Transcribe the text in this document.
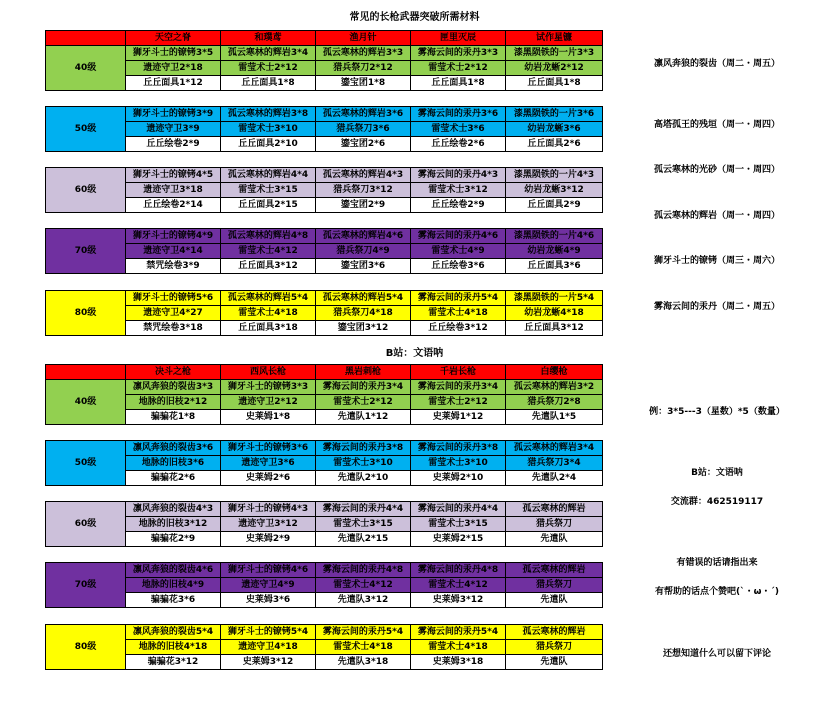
常见的长枪武器突破所需材料
	天空之脊	和璞鸢	渔月针	匣里灭辰	试作星镰
40级	狮牙斗士的镣铐3*5	孤云寒林的辉岩3*4	孤云寒林的辉岩3*3	雾海云间的汞丹3*3	漆黑陨铁的一片3*3
	遗迹守卫2*18	雷莹术士2*12	猎兵祭刀2*12	雷莹术士2*12	幼岩龙蜥2*12
	丘丘面具1*12	丘丘面具1*8	鎏宝团1*8	丘丘面具1*8	丘丘面具1*8

50级	狮牙斗士的镣铐3*9	孤云寒林的辉岩3*8	孤云寒林的辉岩3*6	雾海云间的汞丹3*6	漆黑陨铁的一片3*6
	遗迹守卫3*9	雷莹术士3*10	猎兵祭刀3*6	雷莹术士3*6	幼岩龙蜥3*6
	丘丘绘卷2*9	丘丘面具2*10	鎏宝团2*6	丘丘绘卷2*6	丘丘面具2*6

60级	狮牙斗士的镣铐4*5	孤云寒林的辉岩4*4	孤云寒林的辉岩4*3	雾海云间的汞丹4*3	漆黑陨铁的一片4*3
	遗迹守卫3*18	雷莹术士3*15	猎兵祭刀3*12	雷莹术士3*12	幼岩龙蜥3*12
	丘丘绘卷2*14	丘丘面具2*15	鎏宝团2*9	丘丘绘卷2*9	丘丘面具2*9

70级	狮牙斗士的镣铐4*9	孤云寒林的辉岩4*8	孤云寒林的辉岩4*6	雾海云间的汞丹4*6	漆黑陨铁的一片4*6
	遗迹守卫4*14	雷莹术士4*12	猎兵祭刀4*9	雷莹术士4*9	幼岩龙蜥4*9
	禁咒绘卷3*9	丘丘面具3*12	鎏宝团3*6	丘丘绘卷3*6	丘丘面具3*6

80级	狮牙斗士的镣铐5*6	孤云寒林的辉岩5*4	孤云寒林的辉岩5*4	雾海云间的汞丹5*4	漆黑陨铁的一片5*4
	遗迹守卫4*27	雷莹术士4*18	猎兵祭刀4*18	雷莹术士4*18	幼岩龙蜥4*18
	禁咒绘卷3*18	丘丘面具3*18	鎏宝团3*12	丘丘绘卷3*12	丘丘面具3*12
B站：文语呐
	决斗之枪	西风长枪	黑岩刺枪	千岩长枪	白缨枪
40级	凛风奔狼的裂齿3*3	狮牙斗士的镣铐3*3	雾海云间的汞丹3*4	雾海云间的汞丹3*4	孤云寒林的辉岩3*2
	地脉的旧枝2*12	遗迹守卫2*12	雷莹术士2*12	雷莹术士2*12	猎兵祭刀2*8
	骗骗花1*8	史莱姆1*8	先遣队1*12	史莱姆1*12	先遣队1*5

50级	凛风奔狼的裂齿3*6	狮牙斗士的镣铐3*6	雾海云间的汞丹3*8	雾海云间的汞丹3*8	孤云寒林的辉岩3*4
	地脉的旧枝3*6	遗迹守卫3*6	雷莹术士3*10	雷莹术士3*10	猎兵祭刀3*4
	骗骗花2*6	史莱姆2*6	先遣队2*10	史莱姆2*10	先遣队2*4

60级	凛风奔狼的裂齿4*3	狮牙斗士的镣铐4*3	雾海云间的汞丹4*4	雾海云间的汞丹4*4	孤云寒林的辉岩
	地脉的旧枝3*12	遗迹守卫3*12	雷莹术士3*15	雷莹术士3*15	猎兵祭刀
	骗骗花2*9	史莱姆2*9	先遣队2*15	史莱姆2*15	先遣队

70级	凛风奔狼的裂齿4*6	狮牙斗士的镣铐4*6	雾海云间的汞丹4*8	雾海云间的汞丹4*8	孤云寒林的辉岩
	地脉的旧枝4*9	遗迹守卫4*9	雷莹术士4*12	雷莹术士4*12	猎兵祭刀
	骗骗花3*6	史莱姆3*6	先遣队3*12	史莱姆3*12	先遣队

80级	凛风奔狼的裂齿5*4	狮牙斗士的镣铐5*4	雾海云间的汞丹5*4	雾海云间的汞丹5*4	孤云寒林的辉岩
	地脉的旧枝4*18	遗迹守卫4*18	雷莹术士4*18	雷莹术士4*18	猎兵祭刀
	骗骗花3*12	史莱姆3*12	先遣队3*18	史莱姆3*18	先遣队
凛风奔狼的裂齿（周二・周五）
高塔孤王的残垣（周一・周四）
孤云寒林的光砂（周一・周四）
孤云寒林的辉岩（周一・周四）
狮牙斗士的镣铐（周三・周六）
雾海云间的汞丹（周二・周五）
例：3*5---3（星数）*5（数量）
B站：文语呐
交流群：462519117
有错误的话请指出来
有帮助的话点个赞吧(`・ω・´)
还想知道什么可以留下评论
